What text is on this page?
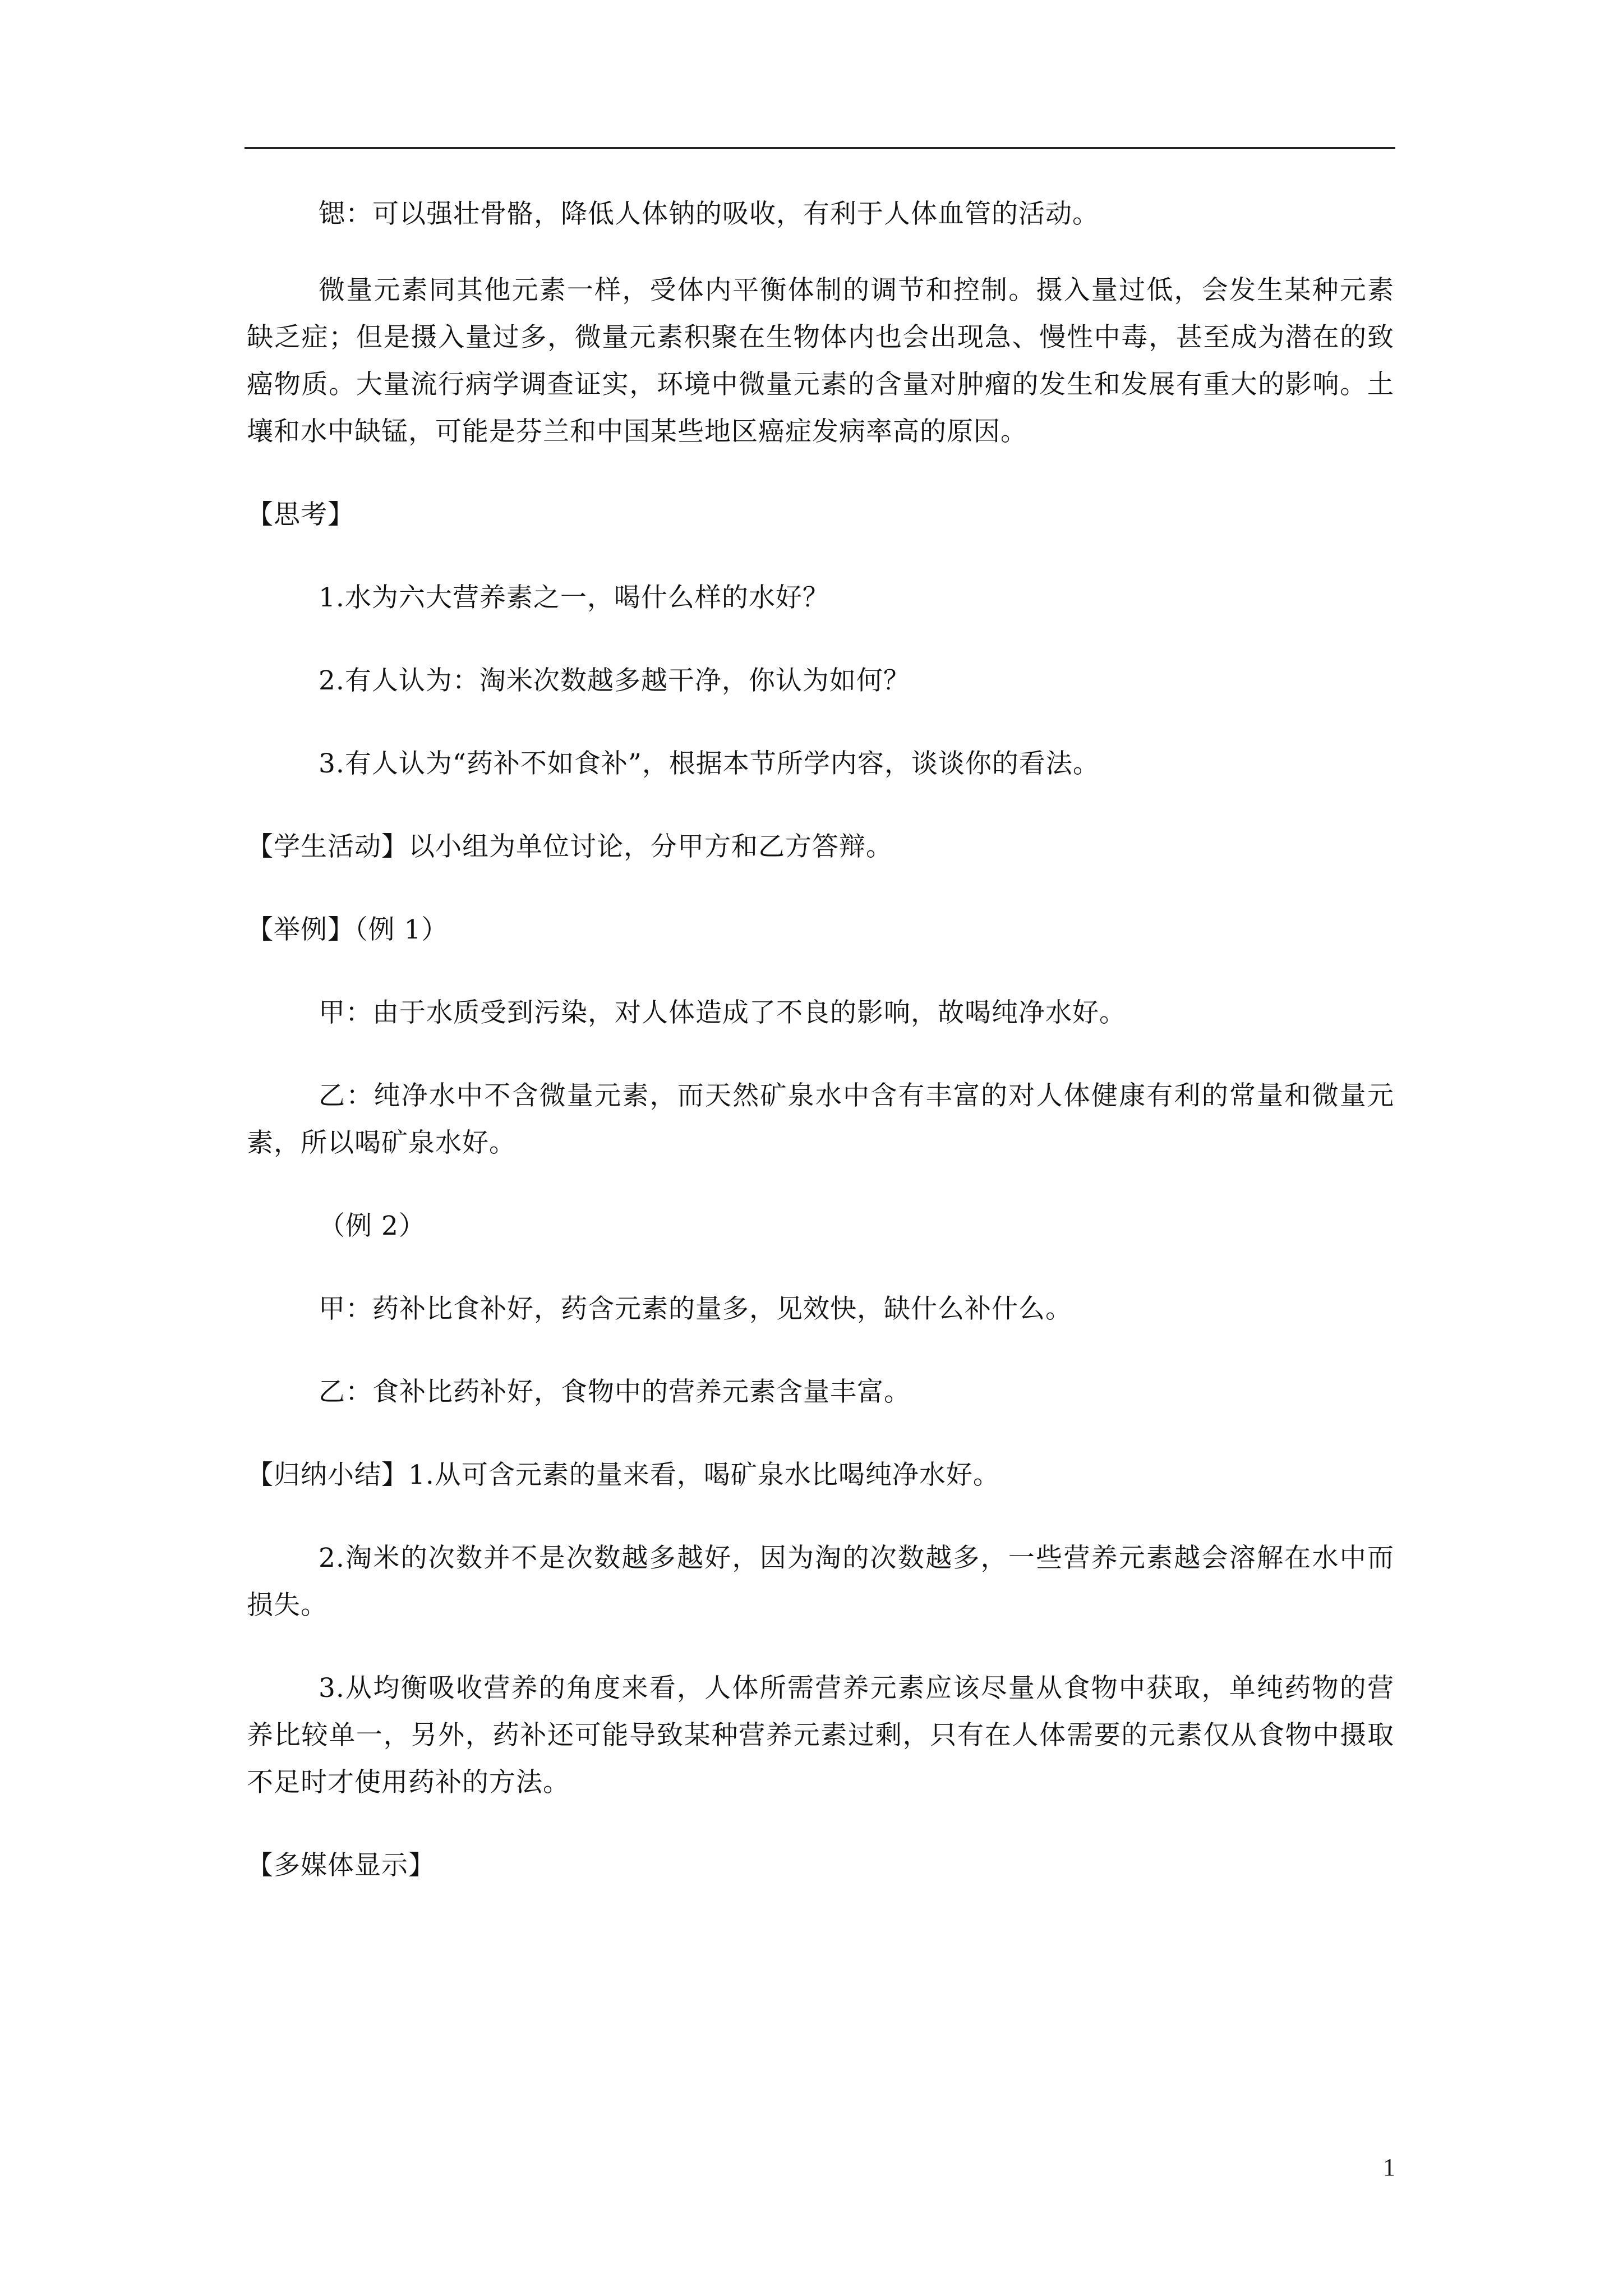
锶：可以强壮骨骼，降低人体钠的吸收，有利于人体血管的活动。

微量元素同其他元素一样，受体内平衡体制的调节和控制。摄入量过低，会发生某种元素缺乏症；但是摄入量过多，微量元素积聚在生物体内也会出现急、慢性中毒，甚至成为潜在的致癌物质。大量流行病学调查证实，环境中微量元素的含量对肿瘤的发生和发展有重大的影响。土壤和水中缺锰，可能是芬兰和中国某些地区癌症发病率高的原因。

【思考】

1.水为六大营养素之一，喝什么样的水好？

2.有人认为：淘米次数越多越干净，你认为如何？

3.有人认为“药补不如食补”，根据本节所学内容，谈谈你的看法。

【学生活动】以小组为单位讨论，分甲方和乙方答辩。

【举例】（例 1）

甲：由于水质受到污染，对人体造成了不良的影响，故喝纯净水好。

乙：纯净水中不含微量元素，而天然矿泉水中含有丰富的对人体健康有利的常量和微量元素，所以喝矿泉水好。

（例 2）

甲：药补比食补好，药含元素的量多，见效快，缺什么补什么。

乙：食补比药补好，食物中的营养元素含量丰富。

【归纳小结】1.从可含元素的量来看，喝矿泉水比喝纯净水好。

2.淘米的次数并不是次数越多越好，因为淘的次数越多，一些营养元素越会溶解在水中而损失。

3.从均衡吸收营养的角度来看，人体所需营养元素应该尽量从食物中获取，单纯药物的营养比较单一，另外，药补还可能导致某种营养元素过剩，只有在人体需要的元素仅从食物中摄取不足时才使用药补的方法。

【多媒体显示】

1
